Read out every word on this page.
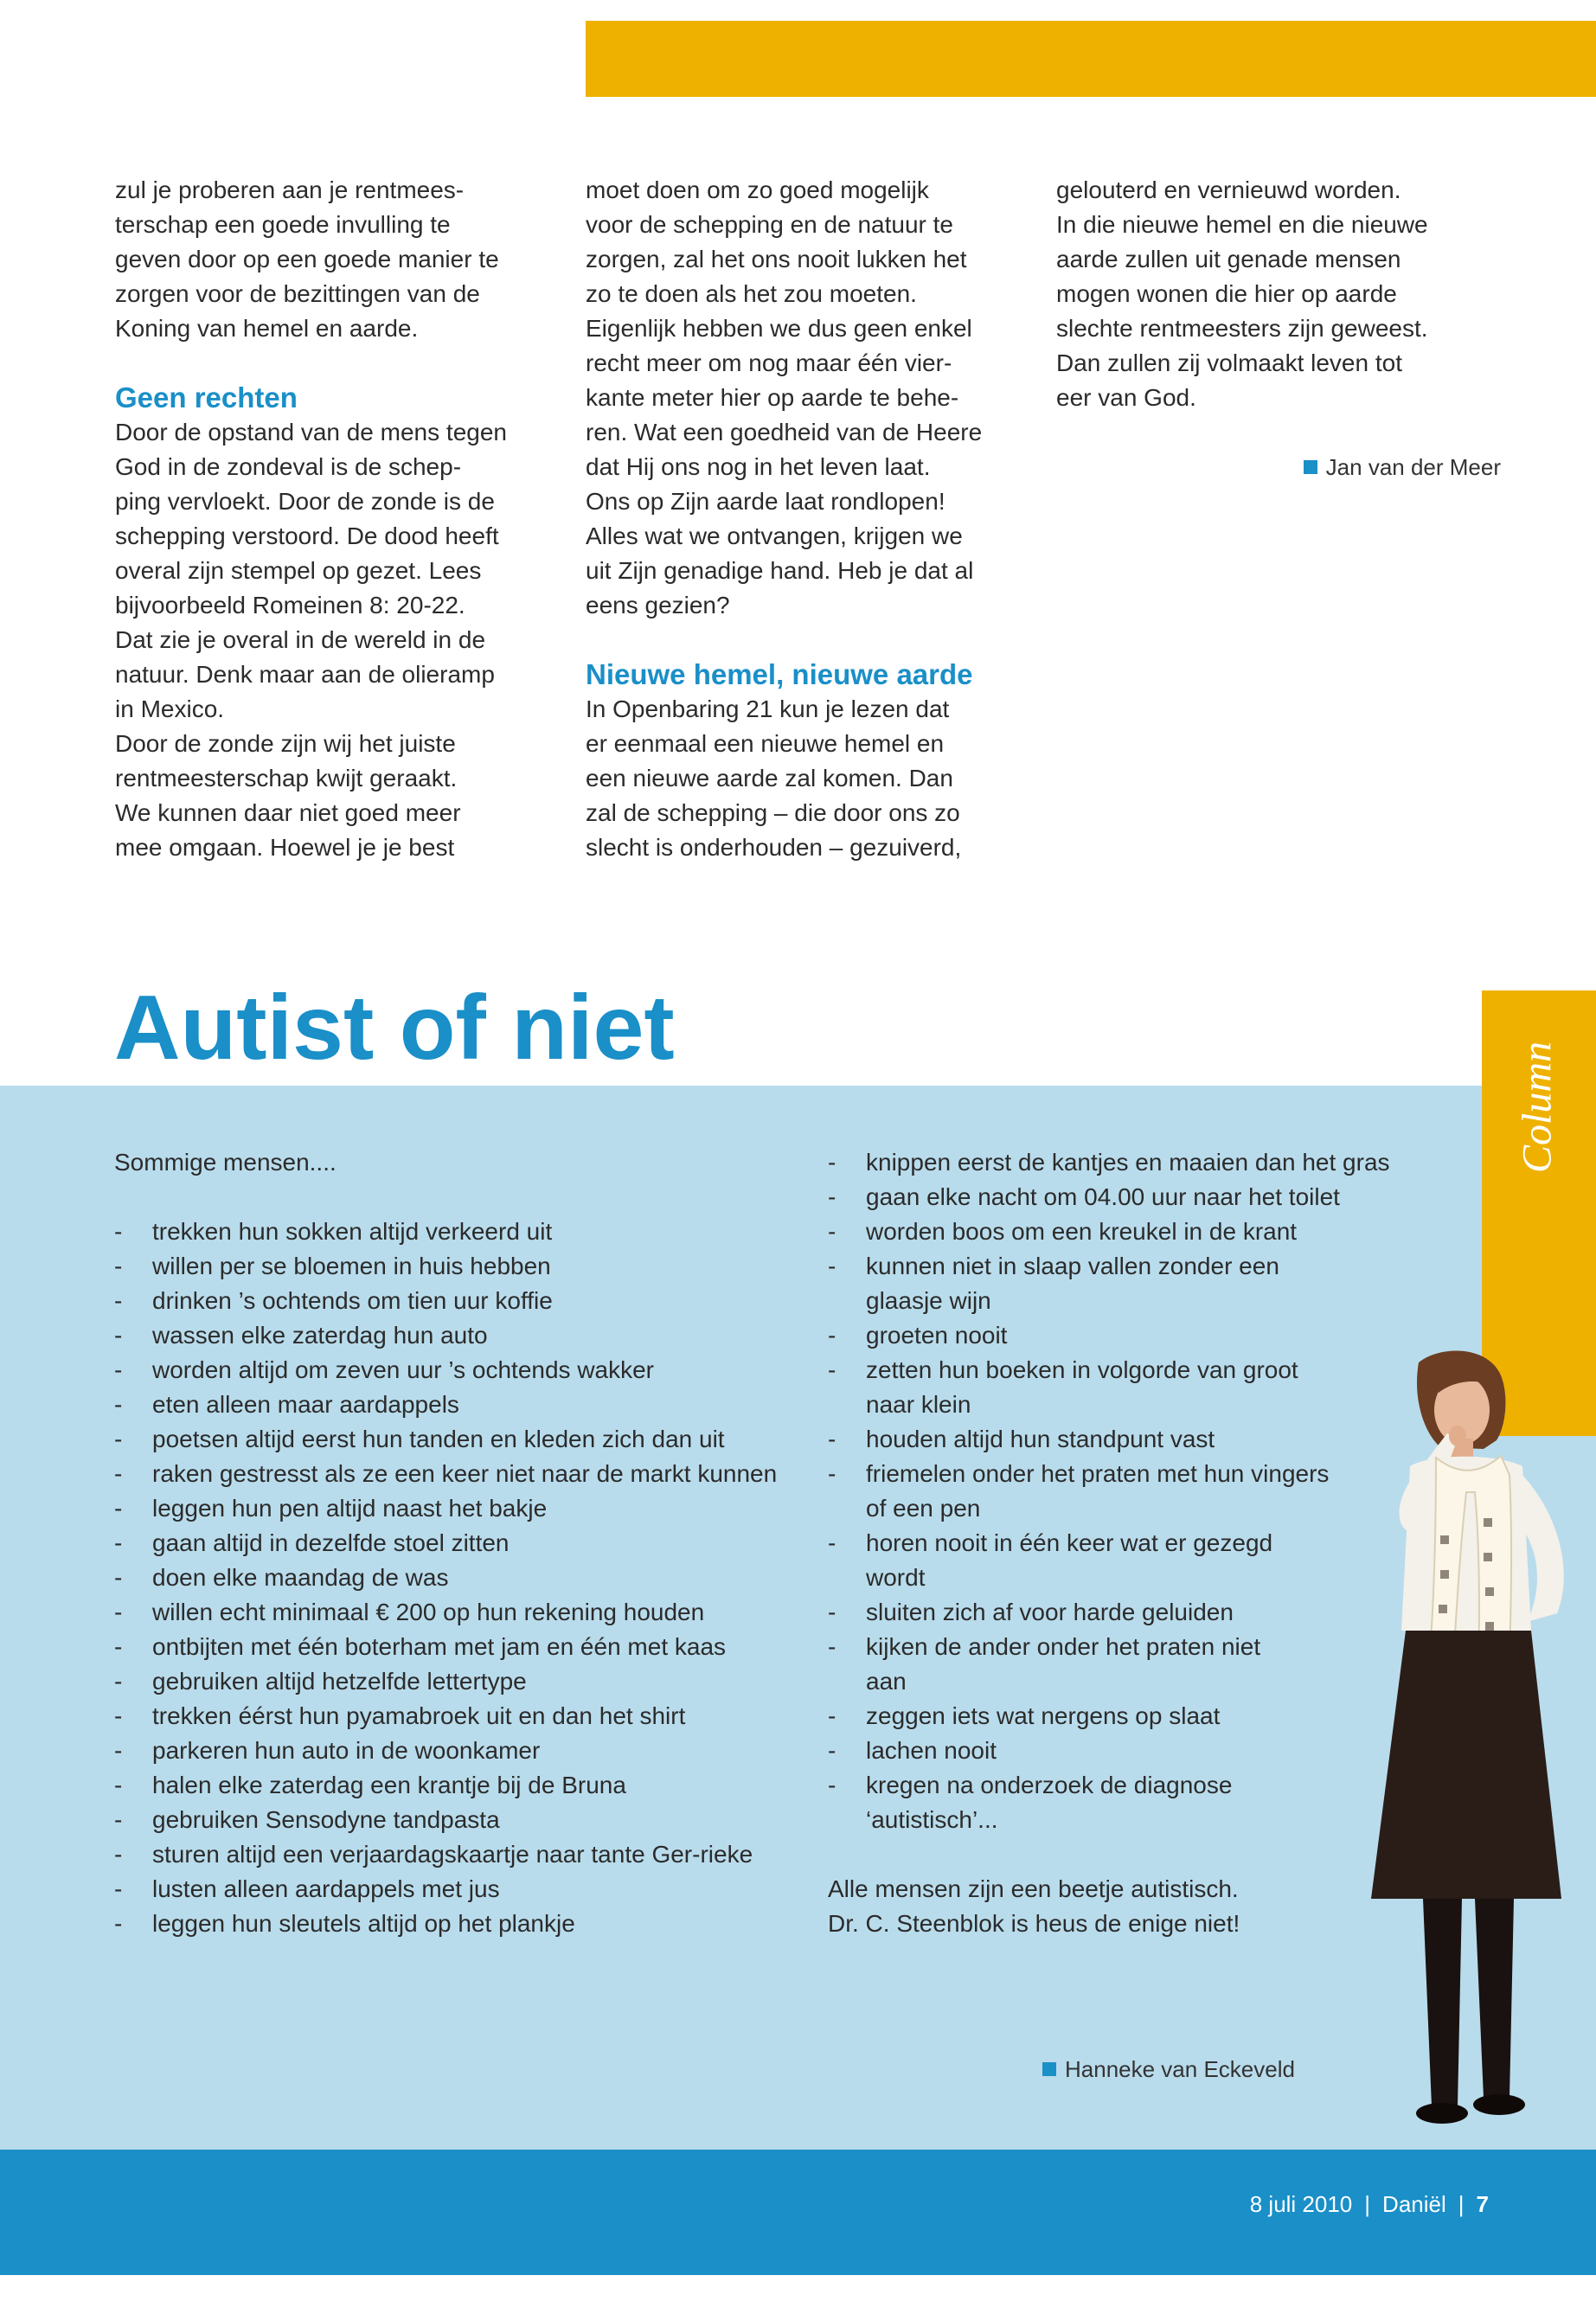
zul je proberen aan je rentmees-
terschap een goede invulling te
geven door op een goede manier te
zorgen voor de bezittingen van de
Koning van hemel en aarde.

Geen rechten

Door de opstand van de mens tegen
God in de zondeval is de schep-
ping vervloekt. Door de zonde is de
schepping verstoord. De dood heeft
overal zijn stempel op gezet. Lees
bijvoorbeeld Romeinen 8: 20-22.
Dat zie je overal in de wereld in de
natuur. Denk maar aan de olieramp
in Mexico.
Door de zonde zijn wij het juiste
rentmeesterschap kwijt geraakt.
We kunnen daar niet goed meer
mee omgaan. Hoewel je je best

moet doen om zo goed mogelijk
voor de schepping en de natuur te
zorgen, zal het ons nooit lukken het
zo te doen als het zou moeten.
Eigenlijk hebben we dus geen enkel
recht meer om nog maar één vier-
kante meter hier op aarde te behe-
ren. Wat een goedheid van de Heere
dat Hij ons nog in het leven laat.
Ons op Zijn aarde laat rondlopen!
Alles wat we ontvangen, krijgen we
uit Zijn genadige hand. Heb je dat al
eens gezien?

Nieuwe hemel, nieuwe aarde

In Openbaring 21 kun je lezen dat
er eenmaal een nieuwe hemel en
een nieuwe aarde zal komen. Dan
zal de schepping – die door ons zo
slecht is onderhouden – gezuiverd,

gelouterd en vernieuwd worden.
In die nieuwe hemel en die nieuwe
aarde zullen uit genade mensen
mogen wonen die hier op aarde
slechte rentmeesters zijn geweest.
Dan zullen zij volmaakt leven tot
eer van God.

Jan van der Meer
Autist of niet
Column
Sommige mensen....
- trekken hun sokken altijd verkeerd uit
- willen per se bloemen in huis hebben
- drinken ’s ochtends om tien uur koffie
- wassen elke zaterdag hun auto
- worden altijd om zeven uur ’s ochtends wakker
- eten alleen maar aardappels
- poetsen altijd eerst hun tanden en kleden zich dan uit
- raken gestresst als ze een keer niet naar de markt kunnen
- leggen hun pen altijd naast het bakje
- gaan altijd in dezelfde stoel zitten
- doen elke maandag de was
- willen echt minimaal € 200 op hun rekening houden
- ontbijten met één boterham met jam en één met kaas
- gebruiken altijd hetzelfde lettertype
- trekken éérst hun pyamabroek uit en dan het shirt
- parkeren hun auto in de woonkamer
- halen elke zaterdag een krantje bij de Bruna
- gebruiken Sensodyne tandpasta
- sturen altijd een verjaardagskaartje naar tante Ger-rieke
- lusten alleen aardappels met jus
- leggen hun sleutels altijd op het plankje
- knippen eerst de kantjes en maaien dan het gras
- gaan elke nacht om 04.00 uur naar het toilet
- worden boos om een kreukel in de krant
- kunnen niet in slaap vallen zonder een glaasje wijn
- groeten nooit
- zetten hun boeken in volgorde van groot naar klein
- houden altijd hun standpunt vast
- friemelen onder het praten met hun vingers of een pen
- horen nooit in één keer wat er gezegd wordt
- sluiten zich af voor harde geluiden
- kijken de ander onder het praten niet aan
- zeggen iets wat nergens op slaat
- lachen nooit
- kregen na onderzoek de diagnose ‘autistisch’...
Alle mensen zijn een beetje autistisch.
Dr. C. Steenblok is heus de enige niet!
Hanneke van Eckeveld
8 juli 2010 | Daniël | 7
